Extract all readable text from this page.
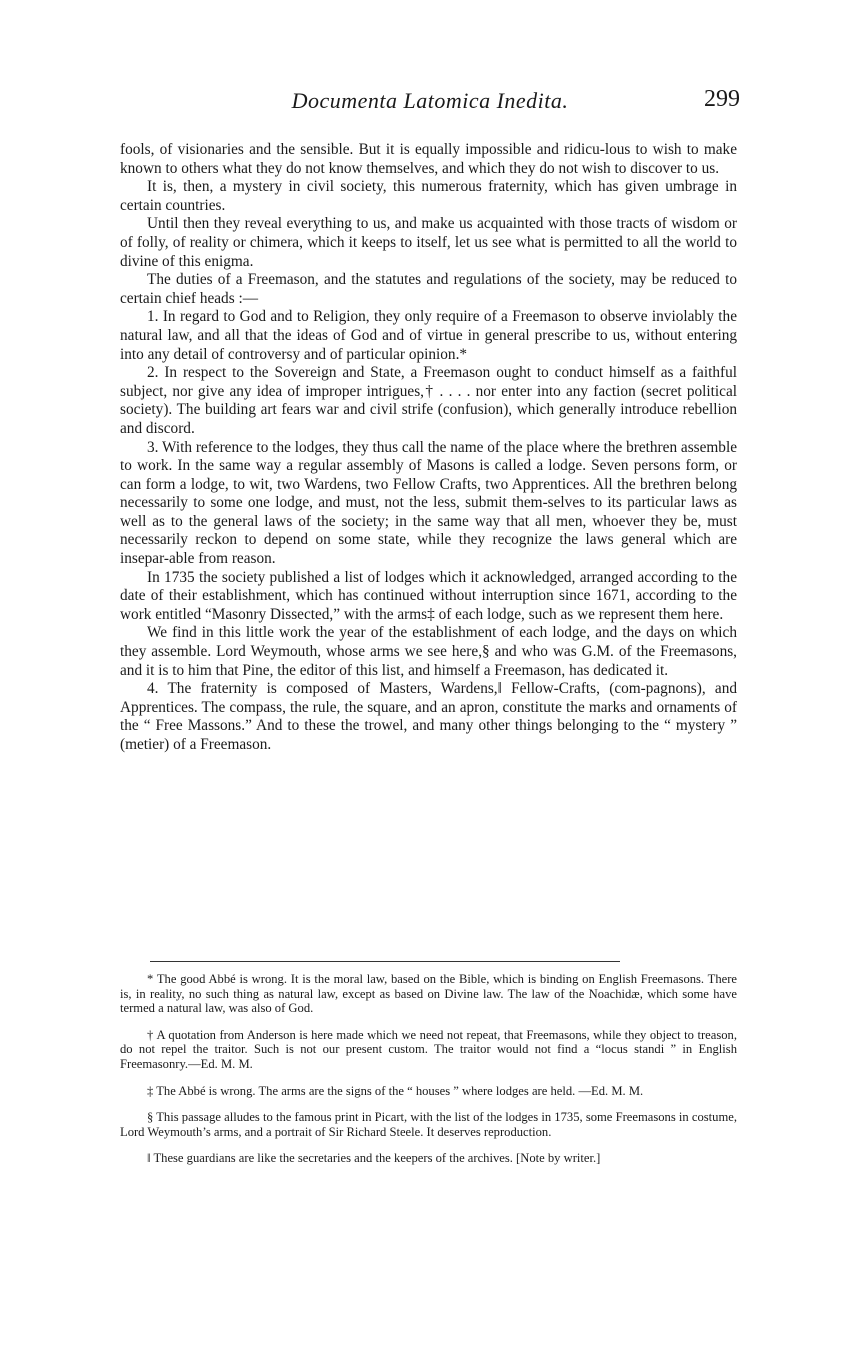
Documenta Latomica Inedita.	299

fools, of visionaries and the sensible. But it is equally impossible and ridicu-lous to wish to make known to others what they do not know themselves, and which they do not wish to discover to us.

It is, then, a mystery in civil society, this numerous fraternity, which has given umbrage in certain countries.

Until then they reveal everything to us, and make us acquainted with those tracts of wisdom or of folly, of reality or chimera, which it keeps to itself, let us see what is permitted to all the world to divine of this enigma.

The duties of a Freemason, and the statutes and regulations of the society, may be reduced to certain chief heads :—

1. In regard to God and to Religion, they only require of a Freemason to observe inviolably the natural law, and all that the ideas of God and of virtue in general prescribe to us, without entering into any detail of controversy and of particular opinion.*

2. In respect to the Sovereign and State, a Freemason ought to conduct himself as a faithful subject, nor give any idea of improper intrigues,† . . . . nor enter into any faction (secret political society). The building art fears war and civil strife (confusion), which generally introduce rebellion and discord.

3. With reference to the lodges, they thus call the name of the place where the brethren assemble to work. In the same way a regular assembly of Masons is called a lodge. Seven persons form, or can form a lodge, to wit, two Wardens, two Fellow Crafts, two Apprentices. All the brethren belong necessarily to some one lodge, and must, not the less, submit them-selves to its particular laws as well as to the general laws of the society; in the same way that all men, whoever they be, must necessarily reckon to depend on some state, while they recognize the laws general which are insepar-able from reason.

In 1735 the society published a list of lodges which it acknowledged, arranged according to the date of their establishment, which has continued without interruption since 1671, according to the work entitled “Masonry Dissected,” with the arms‡ of each lodge, such as we represent them here.

We find in this little work the year of the establishment of each lodge, and the days on which they assemble. Lord Weymouth, whose arms we see here,§ and who was G.M. of the Freemasons, and it is to him that Pine, the editor of this list, and himself a Freemason, has dedicated it.

4. The fraternity is composed of Masters, Wardens,‖ Fellow-Crafts, (com-pagnons), and Apprentices. The compass, the rule, the square, and an apron, constitute the marks and ornaments of the “ Free Massons.” And to these the trowel, and many other things belonging to the “ mystery ” (metier) of a Freemason.

* The good Abbé is wrong. It is the moral law, based on the Bible, which is binding on English Freemasons. There is, in reality, no such thing as natural law, except as based on Divine law. The law of the Noachidæ, which some have termed a natural law, was also of God.

† A quotation from Anderson is here made which we need not repeat, that Freemasons, while they object to treason, do not repel the traitor. Such is not our present custom. The traitor would not find a “locus standi ” in English Freemasonry.—Ed. M. M.

‡ The Abbé is wrong. The arms are the signs of the “ houses ” where lodges are held. —Ed. M. M.

§ This passage alludes to the famous print in Picart, with the list of the lodges in 1735, some Freemasons in costume, Lord Weymouth’s arms, and a portrait of Sir Richard Steele. It deserves reproduction.

‖ These guardians are like the secretaries and the keepers of the archives. [Note by writer.]
